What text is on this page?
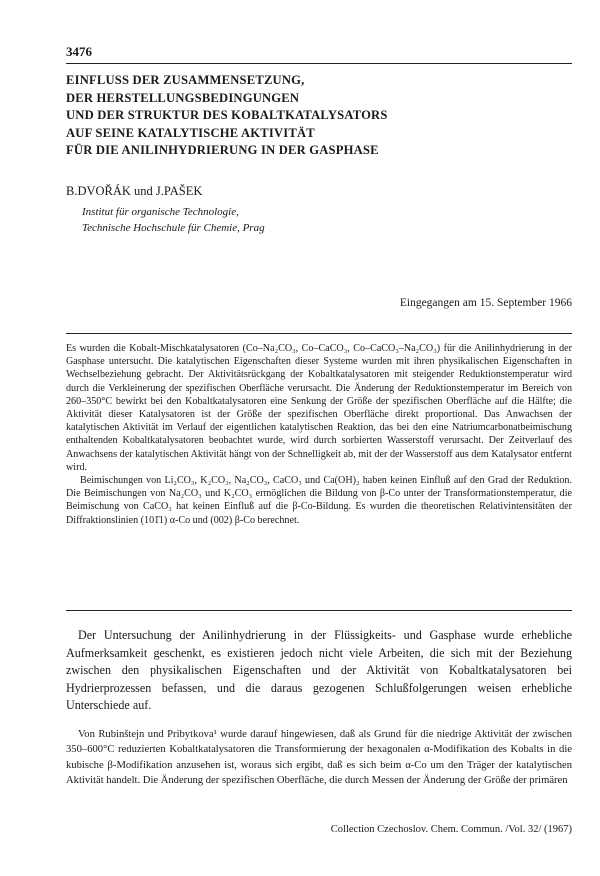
3476
EINFLUSS DER ZUSAMMENSETZUNG,
DER HERSTELLUNGSBEDINGUNGEN
UND DER STRUKTUR DES KOBALTKATALYSATORS
AUF SEINE KATALYTISCHE AKTIVITÄT
FÜR DIE ANILINHYDRIERUNG IN DER GASPHASE
B.DVOŘÁK und J.PAŠEK
Institut für organische Technologie,
Technische Hochschule für Chemie, Prag
Eingegangen am 15. September 1966

Es wurden die Kobalt-Mischkatalysatoren (Co–Na₂CO₃, Co–CaCO₃, Co–CaCO₃–Na₂CO₃) für die Anilinhydrierung in der Gasphase untersucht. Die katalytischen Eigenschaften dieser Systeme wurden mit ihren physikalischen Eigenschaften in Wechselbeziehung gebracht. Der Aktivitätsrückgang der Kobaltkatalysatoren mit steigender Reduktionstemperatur wird durch die Verkleinerung der spezifischen Oberfläche verursacht. Die Änderung der Reduktionstemperatur im Bereich von 260–350°C bewirkt bei den Kobaltkatalysatoren eine Senkung der Größe der spezifischen Oberfläche auf die Hälfte; die Aktivität dieser Katalysatoren ist der Größe der spezifischen Oberfläche direkt proportional. Das Anwachsen der katalytischen Aktivität im Verlauf der eigentlichen katalytischen Reaktion, das bei den eine Natriumcarbonatbeimischung enthaltenden Kobaltkatalysatoren beobachtet wurde, wird durch sorbierten Wasserstoff verursacht. Der Zeitverlauf des Anwachsens der katalytischen Aktivität hängt von der Schnelligkeit ab, mit der der Wasserstoff aus dem Katalysator entfernt wird.

Beimischungen von Li₂CO₃, K₂CO₃, Na₂CO₃, CaCO₃ und Ca(OH)₂ haben keinen Einfluß auf den Grad der Reduktion. Die Beimischungen von Na₂CO₃ und K₂CO₃ ermöglichen die Bildung von β-Co unter der Transformationstemperatur, die Beimischung von CaCO₃ hat keinen Einfluß auf die β-Co-Bildung. Es wurden die theoretischen Relativintensitäten der Diffraktionslinien (101̄1) α-Co und (002) β-Co berechnet.

Der Untersuchung der Anilinhydrierung in der Flüssigkeits- und Gasphase wurde erhebliche Aufmerksamkeit geschenkt, es existieren jedoch nicht viele Arbeiten, die sich mit der Beziehung zwischen den physikalischen Eigenschaften und der Aktivität von Kobaltkatalysatoren bei Hydrierprozessen befassen, und die daraus gezogenen Schlußfolgerungen weisen erhebliche Unterschiede auf.

Von Rubinštejn und Pribytkova¹ wurde darauf hingewiesen, daß als Grund für die niedrige Aktivität der zwischen 350–600°C reduzierten Kobaltkatalysatoren die Transformierung der hexagonalen α-Modifikation des Kobalts in die kubische β-Modifikation anzusehen ist, woraus sich ergibt, daß es sich beim α-Co um den Träger der katalytischen Aktivität handelt. Die Änderung der spezifischen Oberfläche, die durch Messen der Änderung der Größe der primären

Collection Czechoslov. Chem. Commun. /Vol. 32/ (1967)
